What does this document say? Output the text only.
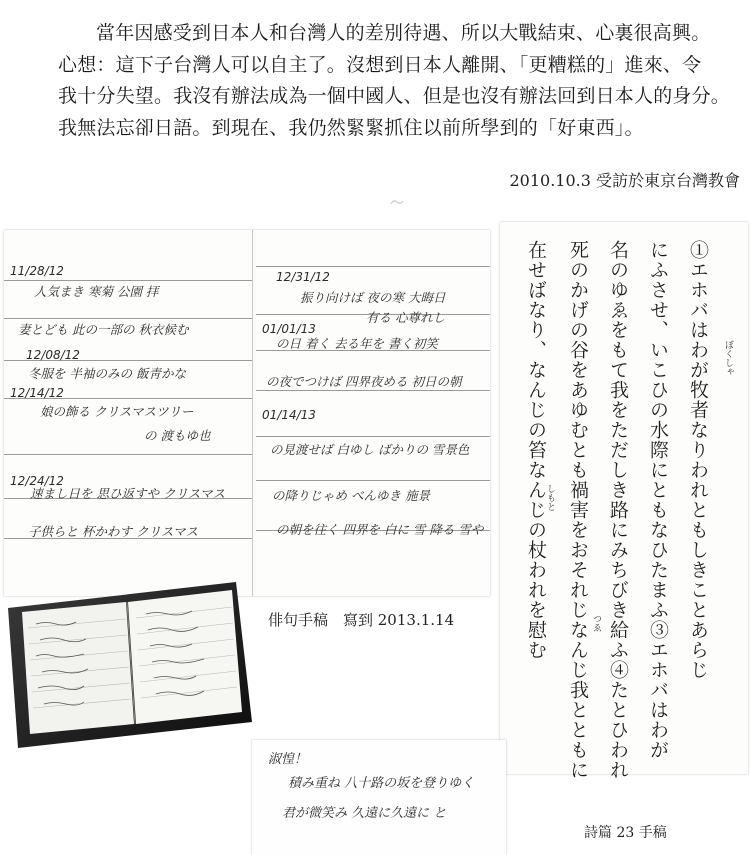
當年因感受到日本人和台灣人的差別待遇、所以大戰結束、心裏很高興。
心想：這下子台灣人可以自主了。沒想到日本人離開、「更糟糕的」進來、令
我十分失望。我沒有辦法成為一個中國人、但是也沒有辦法回到日本人的身分。
我無法忘卻日語。到現在、我仍然緊緊抓住以前所學到的「好東西」。
2010.10.3 受訪於東京台灣教會
11/28/12
人気まき 寒菊 公園 拝
妻とども 此の一部の 秋衣候む
12/08/12
冬服を 半袖のみの 飯靑かな
12/14/12
娘の飾る クリスマスツリー
の 渡もゆ也
12/24/12
速まし日を 思ひ返すや クリスマス
子供らと 杯かわす クリスマス
12/31/12
振り向けば 夜の寒 大晦日
有る 心尊れし
01/01/13
の日 着く 去る年を 書く初笑
の夜でつけば 四界夜める 初日の朝
01/14/13
の見渡せば 白ゆし ばかりの 雪景色
の降りじゃめ べんゆき 施景
の朝を往く 四界を 白に 雪 降る 雪や
俳句手稿　寫到 2013.1.14	①エホバはわが牧者なりわれともしきことあらじ
にふさせ、いこひの水際にともなひたまふ③エホバはわが
名のゆゑをもて我をただしき路にみちびき給ふ④たとひわれ
死のかげの谷をあゆむとも禍害をおそれじなんじ我とともに
在せばなり、なんじの笞なんじの杖われを慰む	ぼくしゃ
しもと
つゑ
詩篇 23 手稿
淑惶！
積み重ね 八十路の坂を登りゆく
君が微笑み 久遠に久遠に と
